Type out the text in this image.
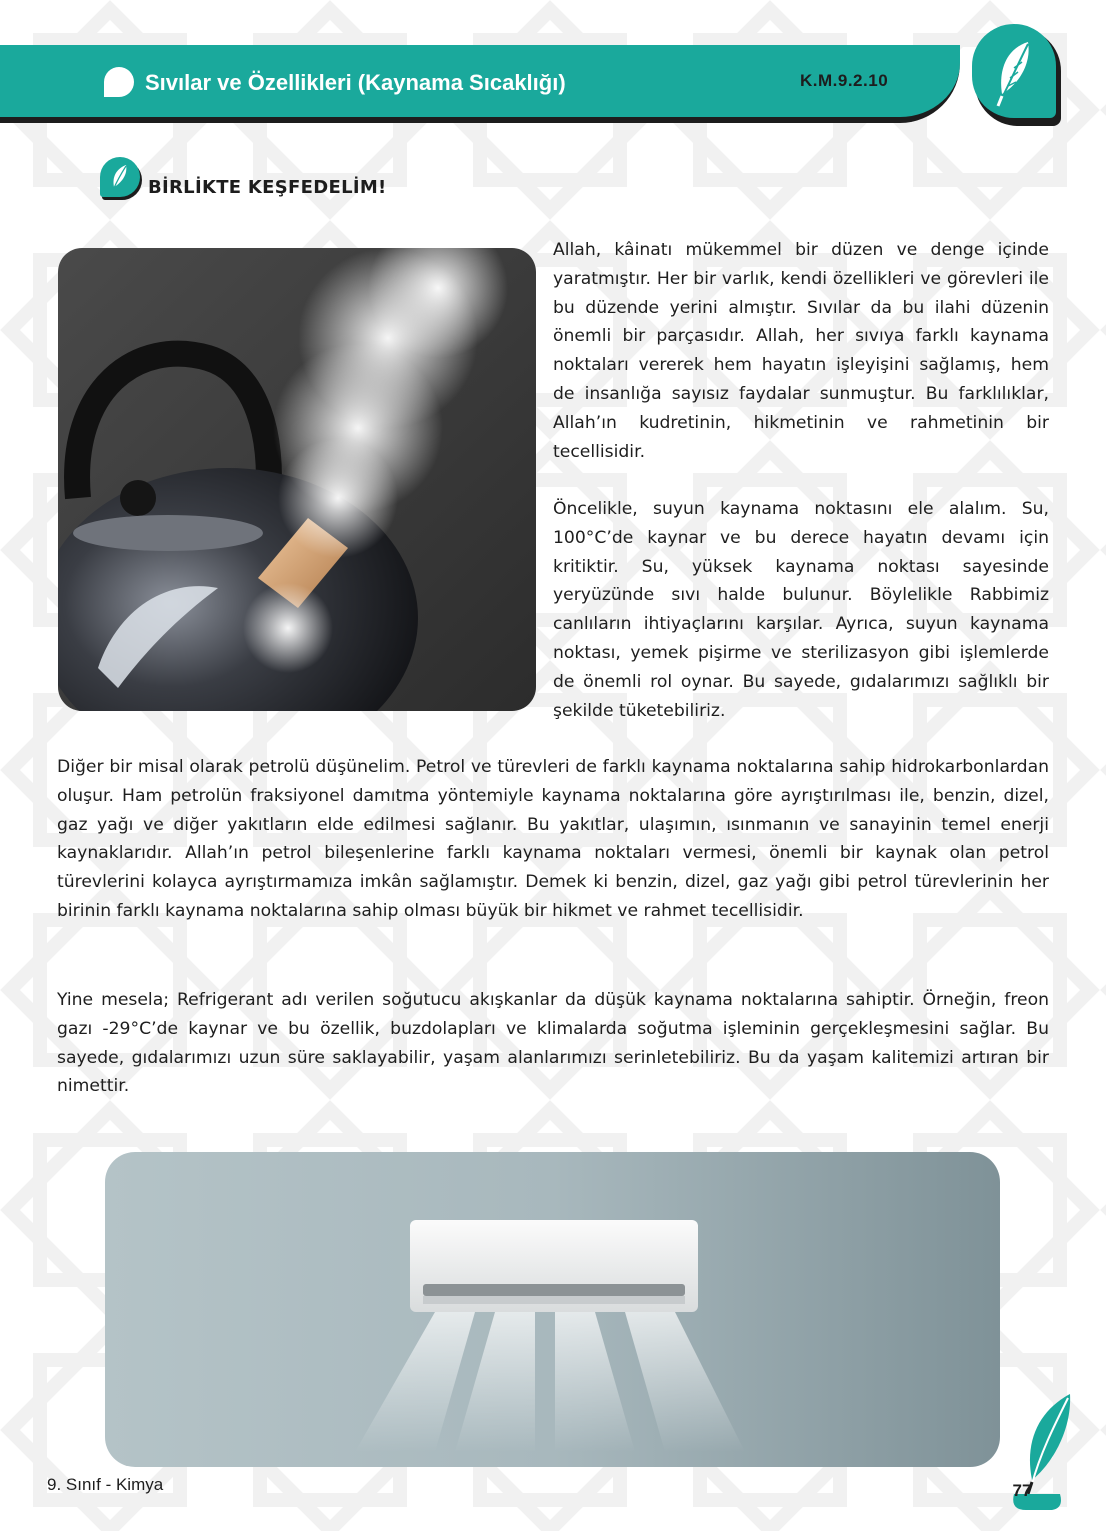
Sıvılar ve Özellikleri (Kaynama Sıcaklığı)	K.M.9.2.10
BİRLİKTE KEŞFEDELİM!

Allah, kâinatı mükemmel bir düzen ve denge içinde yaratmıştır. Her bir varlık, kendi özellikleri ve görevleri ile bu düzende yerini almıştır. Sıvılar da bu ilahi düzenin önemli bir parçasıdır. Allah, her sıvıya farklı kaynama noktaları vererek hem hayatın işleyişini sağlamış, hem de insanlığa sayısız faydalar sunmuştur. Bu farklılıklar, Allah’ın kudretinin, hikmetinin ve rahmetinin bir tecellisidir.

Öncelikle, suyun kaynama noktasını ele alalım. Su, 100°C’de kaynar ve bu derece hayatın devamı için kritiktir. Su, yüksek kaynama noktası sayesinde yeryüzünde sıvı halde bulunur. Böylelikle Rabbimiz canlıların ihtiyaçlarını karşılar. Ayrıca, suyun kaynama noktası, yemek pişirme ve sterilizasyon gibi işlemlerde de önemli rol oynar. Bu sayede, gıdalarımızı sağlıklı bir şekilde tüketebiliriz.

Diğer bir misal olarak petrolü düşünelim. Petrol ve türevleri de farklı kaynama noktalarına sahip hidrokarbonlardan oluşur. Ham petrolün fraksiyonel damıtma yöntemiyle kaynama noktalarına göre ayrıştırılması ile, benzin, dizel, gaz yağı ve diğer yakıtların elde edilmesi sağlanır. Bu yakıtlar, ulaşımın, ısınmanın ve sanayinin temel enerji kaynaklarıdır. Allah’ın petrol bileşenlerine farklı kaynama noktaları vermesi, önemli bir kaynak olan petrol türevlerini kolayca ayrıştırmamıza imkân sağlamıştır. Demek ki benzin, dizel, gaz yağı gibi petrol türevlerinin her birinin farklı kaynama noktalarına sahip olması büyük bir hikmet ve rahmet tecellisidir.

Yine mesela; Refrigerant adı verilen soğutucu akışkanlar da düşük kaynama noktalarına sahiptir. Örneğin, freon gazı -29°C’de kaynar ve bu özellik, buzdolapları ve klimalarda soğutma işleminin gerçekleşmesini sağlar. Bu sayede, gıdalarımızı uzun süre saklayabilir, yaşam alanlarımızı serinletebiliriz. Bu da yaşam kalitemizi artıran bir nimettir.

9. Sınıf - Kimya	77
